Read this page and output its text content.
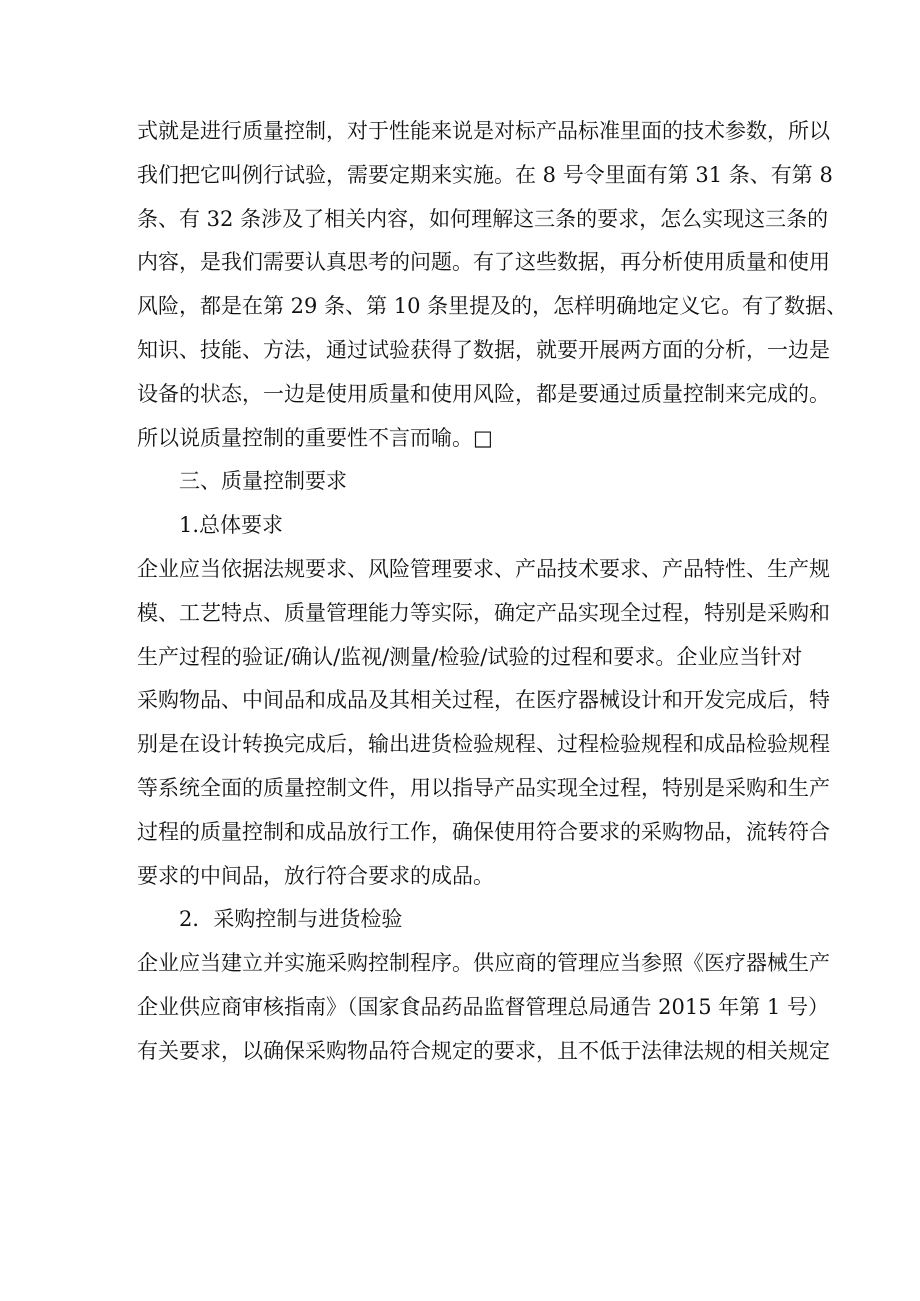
式就是进行质量控制，对于性能来说是对标产品标准里面的技术参数，所以
我们把它叫例行试验，需要定期来实施。在 8 号令里面有第 31 条、有第 8
条、有 32 条涉及了相关内容，如何理解这三条的要求，怎么实现这三条的
内容，是我们需要认真思考的问题。有了这些数据，再分析使用质量和使用
风险，都是在第 29 条、第 10 条里提及的，怎样明确地定义它。有了数据、
知识、技能、方法，通过试验获得了数据，就要开展两方面的分析，一边是
设备的状态，一边是使用质量和使用风险，都是要通过质量控制来完成的。
所以说质量控制的重要性不言而喻。□
三、质量控制要求
1.总体要求
企业应当依据法规要求、风险管理要求、产品技术要求、产品特性、生产规
模、工艺特点、质量管理能力等实际，确定产品实现全过程，特别是采购和
生产过程的验证/确认/监视/测量/检验/试验的过程和要求。企业应当针对
采购物品、中间品和成品及其相关过程，在医疗器械设计和开发完成后，特
别是在设计转换完成后，输出进货检验规程、过程检验规程和成品检验规程
等系统全面的质量控制文件，用以指导产品实现全过程，特别是采购和生产
过程的质量控制和成品放行工作，确保使用符合要求的采购物品，流转符合
要求的中间品，放行符合要求的成品。
2．采购控制与进货检验
企业应当建立并实施采购控制程序。供应商的管理应当参照《医疗器械生产
企业供应商审核指南》（国家食品药品监督管理总局通告 2015 年第 1 号）
有关要求，以确保采购物品符合规定的要求，且不低于法律法规的相关规定
